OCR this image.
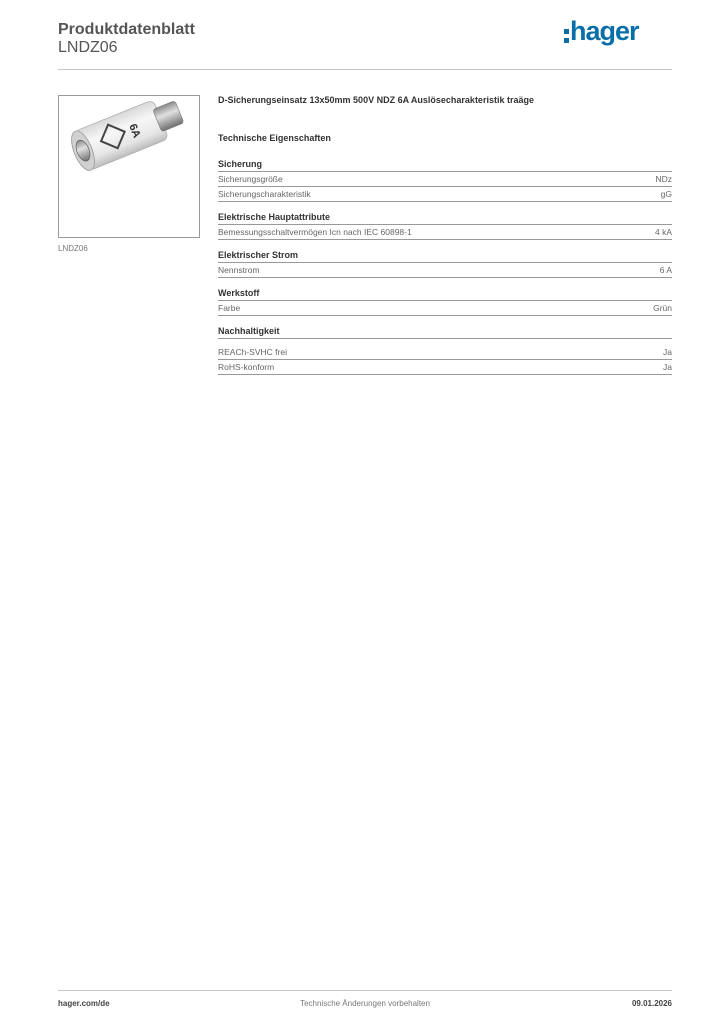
Produktdatenblatt
LNDZ06
hager
6A
LNDZ06
D-Sicherungseinsatz 13x50mm 500V NDZ 6A Auslösecharakteristik traäge
Technische Eigenschaften
Sicherung
Sicherungsgröße	NDz
Sicherungscharakteristik	gG
Elektrische Hauptattribute
Bemessungsschaltvermögen Icn nach IEC 60898-1	4 kA
Elektrischer Strom
Nennstrom	6 A
Werkstoff
Farbe	Grün
Nachhaltigkeit
REACh-SVHC frei	Ja
RoHS-konform	Ja
hager.com/de	Technische Änderungen vorbehalten	09.01.2026
